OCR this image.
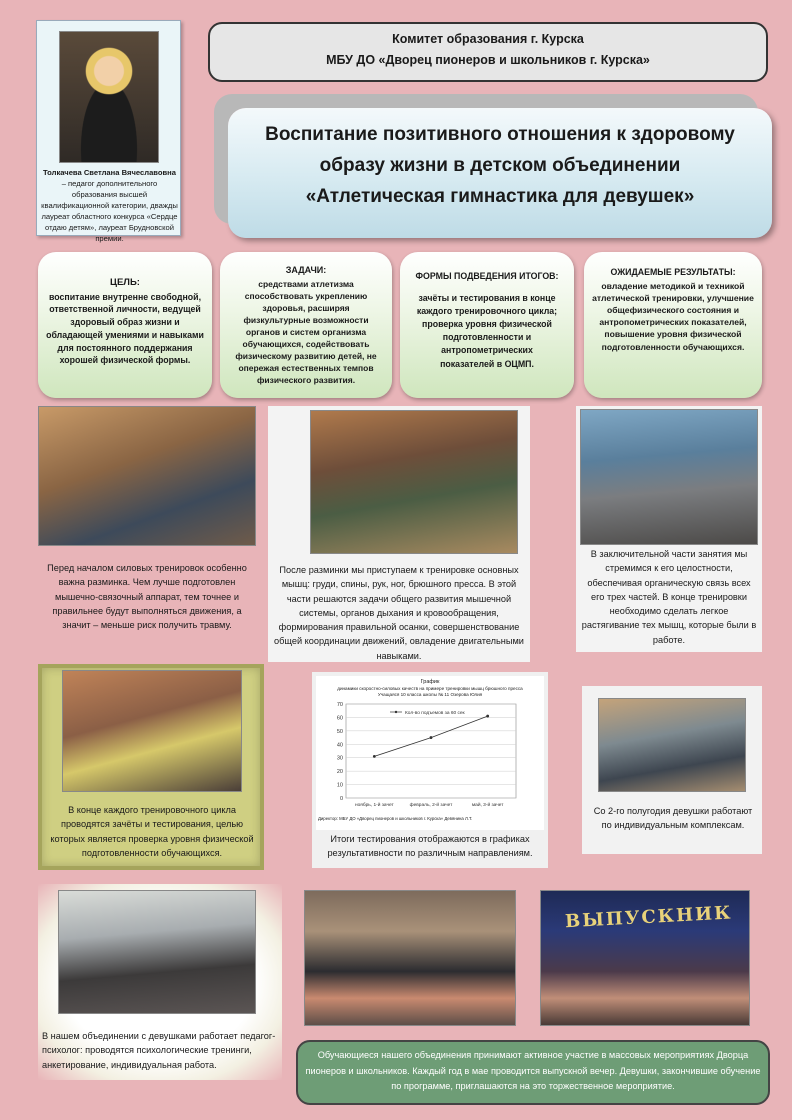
Толкачева Светлана Вячеславовна – педагог дополнительного образования высшей квалификационной категории, дважды лауреат областного конкурса «Сердце отдаю детям», лауреат Брудновской премии.
Комитет образования г. Курска
МБУ ДО «Дворец пионеров и школьников г. Курска»
Воспитание позитивного отношения к здоровому
образу жизни в детском объединении
«Атлетическая гимнастика для девушек»
ЦЕЛЬ:
воспитание внутренне свободной, ответственной личности, ведущей здоровый образ жизни и обладающей умениями и навыками для постоянного поддержания хорошей физической формы.
ЗАДАЧИ:
средствами атлетизма способствовать укреплению здоровья, расширяя физкультурные возможности органов и систем организма обучающихся, содействовать физическому развитию детей, не опережая естественных темпов физического развития.
ФОРМЫ ПОДВЕДЕНИЯ ИТОГОВ:
зачёты и тестирования в конце каждого тренировочного цикла; проверка уровня физической подготовленности и антропометрических показателей в ОЦМП.
ОЖИДАЕМЫЕ РЕЗУЛЬТАТЫ:
овладение методикой и техникой атлетической тренировки, улучшение общефизического состояния и антропометрических показателей, повышение уровня физической подготовленности обучающихся.
Перед началом силовых тренировок особенно важна разминка. Чем лучше подготовлен мышечно-связочный аппарат, тем точнее и правильнее будут выполняться движения, а значит – меньше риск получить травму.
После разминки мы приступаем к тренировке основных мышц: груди, спины, рук, ног, брюшного пресса. В этой части решаются задачи общего развития мышечной системы, органов дыхания и кровообращения, формирования правильной осанки, совершенствование общей координации движений, овладение двигательными навыками.
В заключительной части занятия мы стремимся к его целостности, обеспечивая органическую связь всех его трех частей. В конце тренировки необходимо сделать легкое растягивание тех мышц, которые были в работе.
В конце каждого тренировочного цикла проводятся зачёты и тестирования, целью которых является проверка уровня физической подготовленности обучающихся.
График
динамики скоростно-силовых качеств на примере тренировки мышц брюшного пресса
Учащаяся 10 класса школы № 11 Озерова Юлия
0
10
20
30
40
50
60
70
ноябрь, 1-й зачет	февраль, 2-й зачет	май, 3-й зачет
Кол-во подъемов за 60 сек
Директор: МБУ ДО «Дворец пионеров и школьников г. Курска» Девянина Л.Т.
Итоги тестирования отображаются в графиках результативности по различным направлениям.
Со 2-го полугодия девушки работают по индивидуальным комплексам.
В нашем объединении с девушками работает педагог-психолог: проводятся психологические тренинги, анкетирование, индивидуальная работа.
ВЫПУСКНИК
Обучающиеся нашего объединения принимают активное участие в массовых мероприятиях Дворца пионеров и школьников. Каждый год в мае проводится выпускной вечер. Девушки, закончившие обучение по программе, приглашаются на это торжественное мероприятие.
